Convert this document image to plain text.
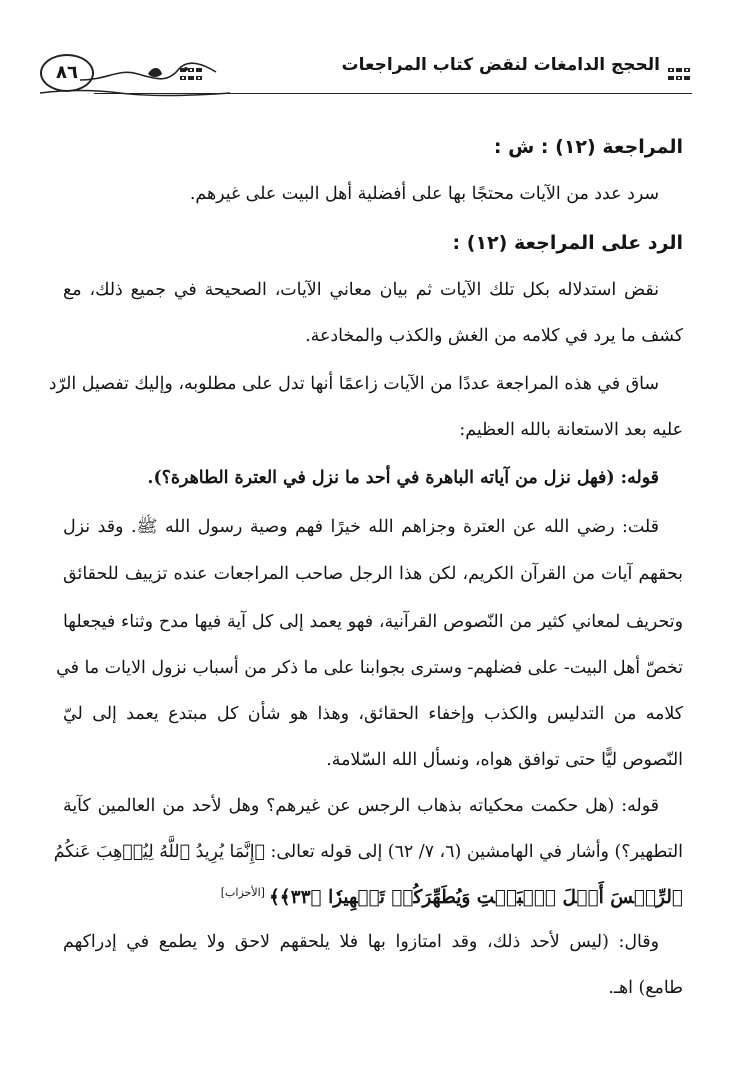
الحجج الدامغات لنقض كتاب المراجعات
٨٦
المراجعة (١٢) : ش :
سرد عدد من الآيات محتجًا بها على أفضلية أهل البيت على غيرهم.
الرد على المراجعة (١٢) :
نقض استدلاله بكل تلك الآيات ثم بيان معاني الآيات، الصحيحة في جميع ذلك، مع
كشف ما يرد في كلامه من الغش والكذب والمخادعة.
ساق في هذه المراجعة عددًا من الآيات زاعمًا أنها تدل على مطلوبه، وإليك تفصيل الرّد
عليه بعد الاستعانة بالله العظيم:
قوله: (فهل نزل من آياته الباهرة في أحد ما نزل في العترة الطاهرة؟).
قلت: رضي الله عن العترة وجزاهم الله خيرًا فهم وصية رسول الله ﷺ. وقد نزل
بحقهم آيات من القرآن الكريم، لكن هذا الرجل صاحب المراجعات عنده تزييف للحقائق
وتحريف لمعاني كثير من النّصوص القرآنية، فهو يعمد إلى كل آية فيها مدح وثناء فيجعلها
تخصّ أهل البيت- على فضلهم- وسترى بجوابنا على ما ذكر من أسباب نزول الايات ما في
كلامه من التدليس والكذب وإخفاء الحقائق، وهذا هو شأن كل مبتدع يعمد إلى ليّ
النّصوص ليًّا حتى توافق هواه، ونسأل الله السّلامة.
قوله: (هل حكمت محكياته بذهاب الرجس عن غيرهم؟ وهل لأحد من العالمين كآية
التطهير؟) وأشار في الهامشين (٦، ٧/ ٦٢) إلى قوله تعالى: ﴿إِنَّمَا يُرِيدُ ٱللَّهُ لِيُذۡهِبَ عَنكُمُ
ٱلرِّجۡسَ أَهۡلَ ٱلۡبَيۡتِ وَيُطَهِّرَكُمۡ تَطۡهِيرٗا ﴿٣٣﴾﴾[الأحزاب]
وقال: (ليس لأحد ذلك، وقد امتازوا بها فلا يلحقهم لاحق ولا يطمع في إدراكهم
طامع) اهـ.
